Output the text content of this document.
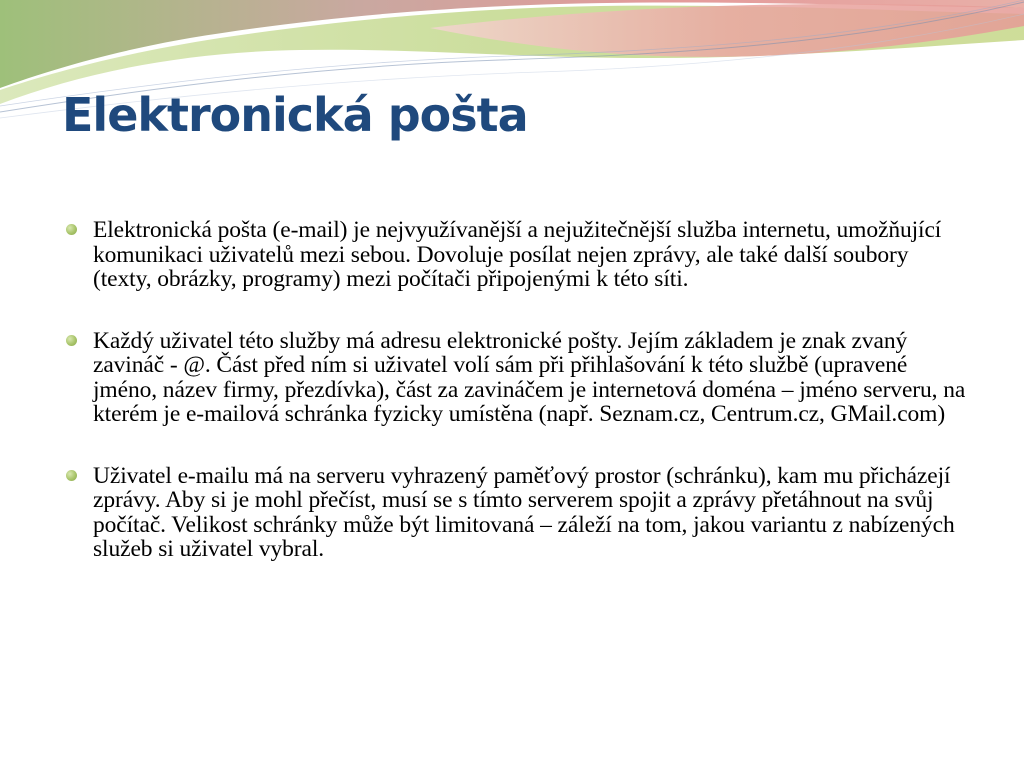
Elektronická pošta
Elektronická pošta (e-mail) je nejvyužívanější a nejužitečnější služba internetu, umožňující komunikaci uživatelů mezi sebou. Dovoluje posílat nejen zprávy, ale také další soubory (texty, obrázky, programy) mezi počítači připojenými k této síti.
Každý uživatel této služby má adresu elektronické pošty. Jejím základem je znak zvaný zavináč - @. Část před ním si uživatel volí sám při přihlašování k této službě (upravené jméno, název firmy, přezdívka), část za zavináčem je internetová doména – jméno serveru, na kterém je e-mailová schránka fyzicky umístěna (např. Seznam.cz, Centrum.cz, GMail.com)
Uživatel e-mailu má na serveru vyhrazený paměťový prostor (schránku), kam mu přicházejí zprávy. Aby si je mohl přečíst, musí se s tímto serverem spojit a zprávy přetáhnout na svůj počítač. Velikost schránky může být limitovaná – záleží na tom, jakou variantu z nabízených služeb si uživatel vybral.
